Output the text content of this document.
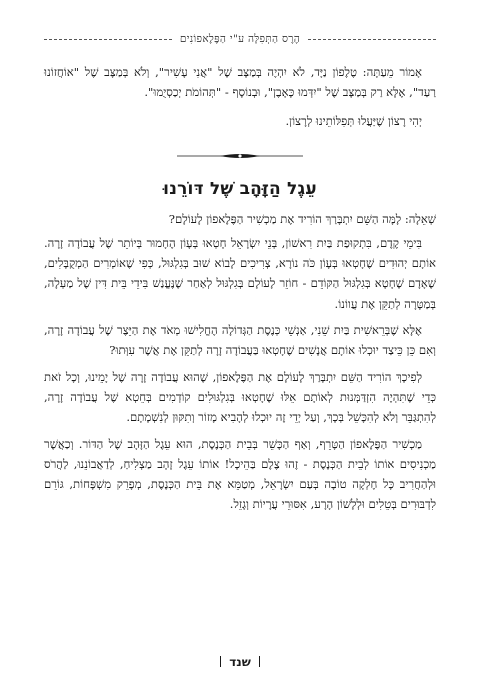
הֶרֶס הַתְּפִלָּה ע"י הַפֶּלֶאפוֹנִים

אָמוֹר מֵעַתָּה: טֶלֶפוֹן נַיָּד, לֹא יִהְיֶה בְּמַצָּב שֶׁל "אֲנִי עָשִׁיר", וְלֹא בְּמַצָּב שֶׁל "אוֹחֲזוֹנוּ רַעַד", אֶלָּא רַק בְּמַצָּב שֶׁל "יִדְּמוּ כָּאָבֶן", וּבְנוֹסָף - "תְּהוֹמֹת יְכַסְיֻמוּ".

יְהִי רָצוֹן שֶׁיַּעֲלוּ תְּפִלּוֹתֵינוּ לְרָצוֹן.

עֵגֶל הַזָּהָב שֶׁל דּוֹרֵנוּ

שְׁאֵלָה: לָמָּה הַשֵּׁם יִתְבָּרַךְ הוֹרִיד אֶת מַכְשִׁיר הַפֶּלֶאפוֹן לָעוֹלָם?

בִּימֵי קֶדֶם, בִּתְקוּפַת בַּיִת רִאשׁוֹן, בְּנֵי יִשְׂרָאֵל חָטְאוּ בְּעָוֹן הֶחָמוּר בְּיוֹתֵר שֶׁל עֲבוֹדָה זָרָה. אוֹתָם יְהוּדִים שֶׁחָטְאוּ בְּעָוֹן כֹּה נוֹרָא, צְרִיכִים לָבוֹא שׁוּב בְּגִלְגּוּל, כְּפִי שֶׁאוֹמְרִים הַמְקֻבָּלִים, שֶׁאָדָם שֶׁחָטָא בְּגִלְגּוּל הַקּוֹדֵם - חוֹזֵר לָעוֹלָם בְּגִלְגּוּל לְאַחַר שֶׁנֶּעֱנַשׁ בִּידֵי בֵּית דִּין שֶׁל מַעְלָה, בְּמַטָּרָה לְתַקֵּן אֶת עֲווֹנוֹ.

אֶלָּא שֶׁבְּרֵאשִׁית בַּיִת שֵׁנִי, אַנְשֵׁי כְּנֶסֶת הַגְּדוֹלָה הֶחֱלִישׁוּ מְאֹד אֶת הַיֵּצֶר שֶׁל עֲבוֹדָה זָרָה, וְאִם כֵּן כֵּיצַד יוּכְלוּ אוֹתָם אֲנָשִׁים שֶׁחָטְאוּ בַּעֲבוֹדָה זָרָה לְתַקֵּן אֶת אֲשֶׁר עִוְּתוּ?

לְפִיכָךְ הוֹרִיד הַשֵּׁם יִתְבָּרַךְ לָעוֹלָם אֶת הַפֶּלֶאפוֹן, שֶׁהוּא עֲבוֹדָה זָרָה שֶׁל יָמֵינוּ, וְכָל זֹאת כְּדֵי שֶׁתִּהְיֶה הִזְדַּמְּנוּת לְאוֹתָם אֵלּוּ שֶׁחָטְאוּ בְּגִלְגּוּלִים קוֹדְמִים בְּחֵטְא שֶׁל עֲבוֹדָה זָרָה, לְהִתְגַּבֵּר וְלֹא לְהִכָּשֵׁל בְּכָךְ, וְעַל יְדֵי זֶה יוּכְלוּ לְהָבִיא מָזוֹר וְתִקּוּן לְנִשְׁמָתָם.

מַכְשִׁיר הַפֶּלֶאפוֹן הַטָּרֵף, וְאַף הַכָּשֵׁר בְּבֵית הַכְּנֶסֶת, הוּא עֵגֶל הַזָּהָב שֶׁל הַדּוֹר. וְכַאֲשֶׁר מַכְנִיסִים אוֹתוֹ לְבֵית הַכְּנֶסֶת - זֶהוּ צֶלֶם בַּהֵיכָל! אוֹתוֹ עֵגֶל זָהָב מַצְלִיחַ, לְדַאֲבוֹנֵנוּ, לַהֲרֹס וּלְהַחֲרִיב כָּל חֶלְקָה טוֹבָה בְּעַם יִשְׂרָאֵל, מְטַמֵּא אֶת בֵּית הַכְּנֶסֶת, מְפָרֵק מִשְׁפָּחוֹת, גּוֹרֵם לִדְבּוּרִים בְּטֵלִים וּלְלָשׁוֹן הָרָע, אִסּוּרֵי עֲרָיוֹת וְגָזֵל.

שנד
